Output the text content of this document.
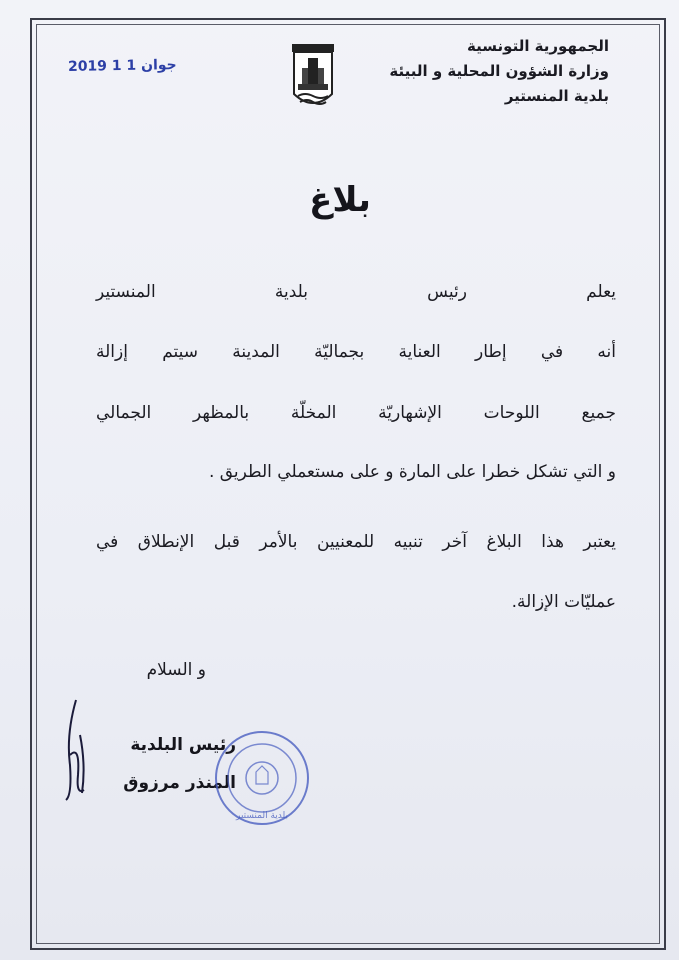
الجمهورية التونسية
وزارة الشؤون المحلية و البيئة
بلدية المنستير
2019 جوان 1 1
بلاغ
يعلم رئيس بلدية المنستير
أنه في إطار العناية بجماليّة المدينة سيتم إزالة
جميع اللوحات الإشهاريّة المخلّة بالمظهر الجمالي
و التي تشكل خطرا على المارة و على مستعملي الطريق .
يعتبر هذا البلاغ آخر تنبيه للمعنيين بالأمر قبل الإنطلاق في
عمليّات الإزالة.
و السلام
رئيس البلدية
المنذر مرزوق
بلدية المنستير
